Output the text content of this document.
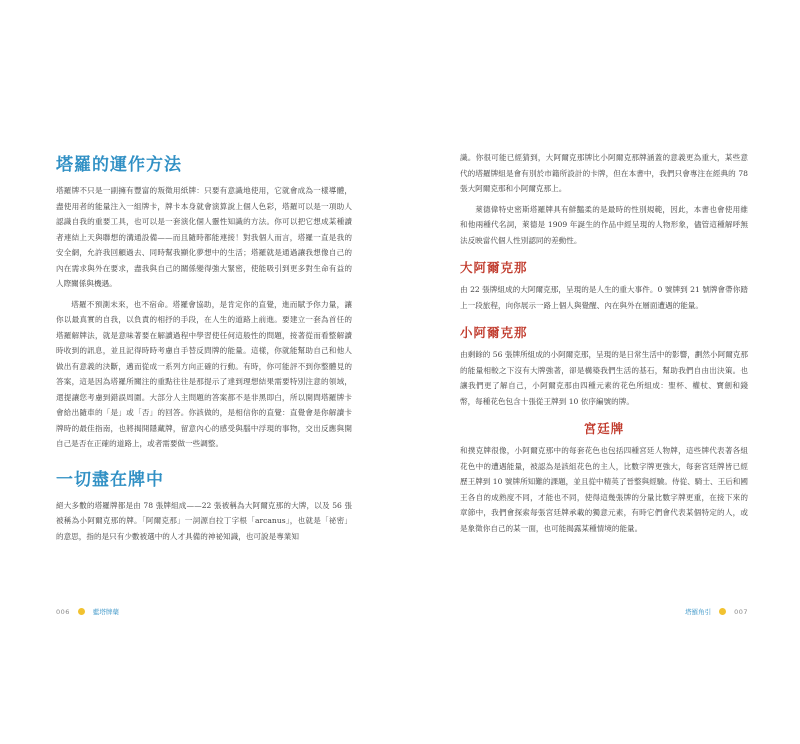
塔羅的運作方法

塔羅牌不只是一副擁有豐富的叛徵用紙牌：只要有意識地使用，它就會成為一樣導體，盡使用者的能量注入一組牌卡，牌卡本身就會演算說上個人色彩，塔羅可以是一項助人認識自我的重要工具，也可以是一套演化個人靈性知識的方法。你可以把它想成某種讀者連結上天與聯想的溝通設備——而且隨時都能連接！對我個人而言，塔羅一直是我的安全網，允許我回顧過去、同時幫我顯化夢想中的生活；塔羅就是通過讓我想像自己的內在需求與外在要求，盡我與自己的關係變得強大緊密，使能吸引到更多對生命有益的人際關係與機遇。

塔羅不預測未來，也不宿命。塔羅會協助，是肯定你的直覺，進而賦予你力量，讓你以最真實的自我，以負責的相抒的手段，在人生的道路上前進。要建立一套為首任的塔羅解牌法，就是意味著要在解讀過程中學習使任何這般性的問題，接著從而看整解讀時收到的訊息，並且記得時時考慮自手替反問牌的能量。這樣，你就能幫助自己和他人做出有意義的決斷，邁而從成一系列方向正確的行動。有時，你可能評不到你整體見的答案，這是因為塔羅所關注的重點往往是那提示了達到理想結果需要特別注意的領域，還提讓您考慮到錯誤周圍。大部分人主問題的答案都不是非黑即白，所以開問塔羅牌卡會給出隨車的「是」或「否」的回答。你該做的，是相信你的直覺：直覺會是你解讀卡牌時的最佳指南，也將揭開隱藏牌，留意內心的感受與腦中浮現的事物，交出反應與開自己是否在正確的道路上，或者需要做一些調整。

一切盡在牌中

絕大多數的塔羅牌都是由 78 張牌組成——22 張被稱為大阿爾克那的大牌，以及 56 張被稱為小阿爾克那的牌。「阿爾克那」一詞源自拉丁字根「arcanus」，也就是「祕密」的意思，指的是只有少數被選中的人才具備的神祕知識，也可說是專業知

006	藍塔牌藥

識。你很可能已經猜到，大阿爾克那牌比小阿爾克那牌涵蓋的意義更為重大，某些意代的塔羅牌組是會有別於市籍所設計的卡牌，但在本書中，我們只會專注在經典的 78 張大阿爾克那和小阿爾克那上。

萊德偉特史密斯塔羅牌具有鮮豔柔的是最時的性別規範，因此，本書也會使用維和他兩種代名詞，萊德是 1909 年誕生的作品中經呈現的人物形象，儘管這種解呼無法反映當代個人性別認同的差動性。

大阿爾克那

由 22 張牌組成的大阿爾克那，呈現的是人生的重大事件。0 號牌到 21 號牌會帶你踏上一段旅程，向你展示一路上個人與覺醒、內在與外在層面遭遇的能量。

小阿爾克那

由剩餘的 56 張牌所組成的小阿爾克那，呈現的是日常生活中的影響，劃然小阿爾克那的能量相較之下沒有大牌強著，卻是構築我們生活的基石，幫助我們自由出決策。也讓我們更了解自己，小阿爾克那由四種元素的花色所組成：聖杯、權杖、寶劍和錢幣，每種花色包含十張從王牌到 10 依序編號的牌。

宮廷牌

和撲克牌很像，小阿爾克那中的每套花色也包括四種宮廷人物牌，這些牌代表著各組花色中的遭遇能量，被認為是該組花色的主人，比數字牌更強大，每套宮廷牌皆已經歷王牌到 10 號牌所知難的課題，並且從中精英了晉整與經驗。侍從、騎士、王后和國王各自的成熟度不同，才能也不同，使得這幾張牌的分量比數字牌更重，在接下來的章節中，我們會探索每張宮廷牌承載的獨意元素，有時它們會代表某個特定的人，或是象徵你自己的某一面，也可能揭露某種情境的能量。

塔羅角引	007
